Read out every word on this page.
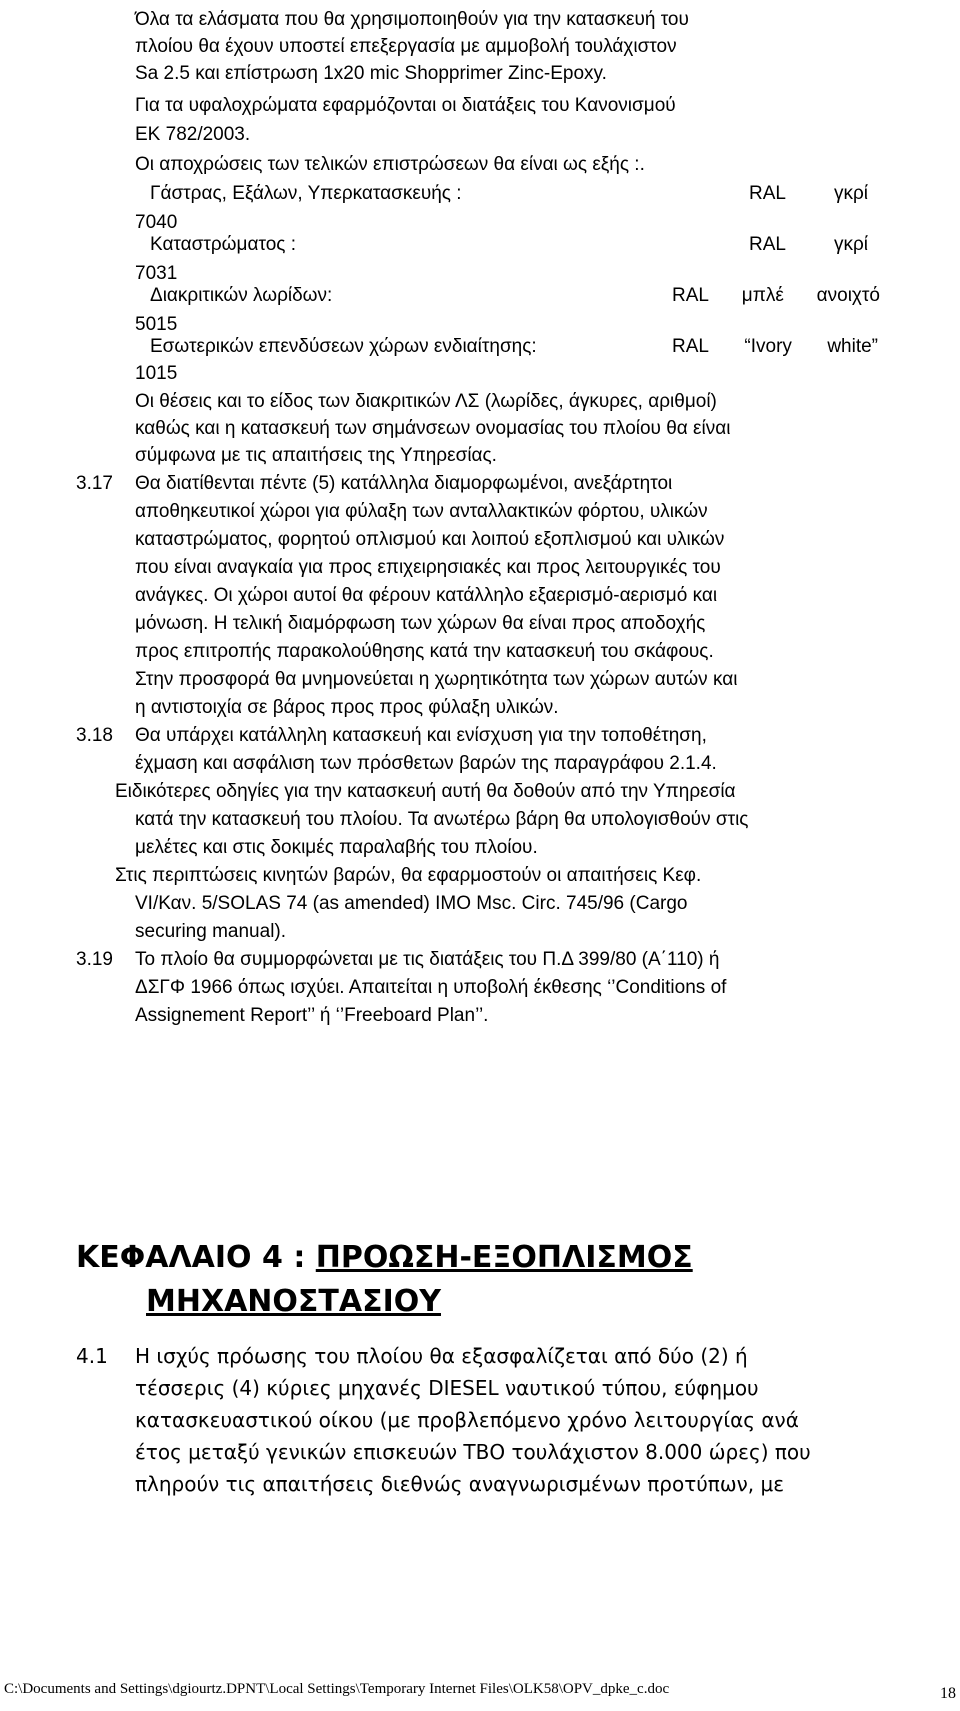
Όλα τα ελάσματα που θα χρησιμοποιηθούν για την κατασκευή του
πλοίου θα έχουν υποστεί επεξεργασία με αμμοβολή τουλάχιστον
Sa 2.5 και επίστρωση 1x20 mic Shopprimer Zinc-Epoxy.
Για τα υφαλοχρώματα εφαρμόζονται οι διατάξεις του Κανονισμού
ΕΚ 782/2003.
Οι αποχρώσεις των τελικών επιστρώσεων θα είναι ως εξής :.
Γάστρας, Εξάλων, Υπερκατασκευής :	RAL	γκρί
7040
Καταστρώματος :	RAL	γκρί
7031
Διακριτικών λωρίδων:	RAL μπλέ ανοιχτό
5015
Εσωτερικών επενδύσεων χώρων ενδιαίτησης:	RAL “Ivory white”
1015
Οι θέσεις και το είδος των διακριτικών ΛΣ (λωρίδες, άγκυρες, αριθμοί)
καθώς και η κατασκευή των σημάνσεων ονομασίας του πλοίου θα είναι
σύμφωνα με τις απαιτήσεις της Υπηρεσίας.
3.17 Θα διατίθενται πέντε (5) κατάλληλα διαμορφωμένοι, ανεξάρτητοι
αποθηκευτικοί χώροι για φύλαξη των ανταλλακτικών φόρτου, υλικών
καταστρώματος, φορητού οπλισμού και λοιπού εξοπλισμού και υλικών
που είναι αναγκαία για προς επιχειρησιακές και προς λειτουργικές του
ανάγκες. Οι χώροι αυτοί θα φέρουν κατάλληλο εξαερισμό-αερισμό και
μόνωση. Η τελική διαμόρφωση των χώρων θα είναι προς αποδοχής
προς επιτροπής παρακολούθησης κατά την κατασκευή του σκάφους.
Στην προσφορά θα μνημονεύεται η χωρητικότητα των χώρων αυτών και
η αντιστοιχία σε βάρος προς προς φύλαξη υλικών.
3.18 Θα υπάρχει κατάλληλη κατασκευή και ενίσχυση για την τοποθέτηση,
έχμαση και ασφάλιση των πρόσθετων βαρών της παραγράφου 2.1.4.
Ειδικότερες οδηγίες για την κατασκευή αυτή θα δοθούν από την Υπηρεσία
κατά την κατασκευή του πλοίου. Τα ανωτέρω βάρη θα υπολογισθούν στις
μελέτες και στις δοκιμές παραλαβής του πλοίου.
Στις περιπτώσεις κινητών βαρών, θα εφαρμοστούν οι απαιτήσεις Κεφ.
VI/Καν. 5/SOLAS 74 (as amended) IMO Msc. Circ. 745/96 (Cargo
securing manual).
3.19 Το πλοίο θα συμμορφώνεται με τις διατάξεις του Π.Δ 399/80 (Α΄110) ή
ΔΣΓΦ 1966 όπως ισχύει. Απαιτείται η υποβολή έκθεσης ‘’Conditions of
Assignement Report’’ ή ‘’Freeboard Plan’’.
ΚΕΦΑΛΑΙΟ 4 : ΠΡΟΩΣΗ-ΕΞΟΠΛΙΣΜΟΣ
ΜΗΧΑΝΟΣΤΑΣΙΟΥ
4.1 Η ισχύς πρόωσης του πλοίου θα εξασφαλίζεται από δύο (2) ή
τέσσερις (4) κύριες μηχανές DIESEL ναυτικού τύπου, εύφημου
κατασκευαστικού οίκου (με προβλεπόμενο χρόνο λειτουργίας ανά
έτος μεταξύ γενικών επισκευών ΤΒΟ τουλάχιστον 8.000 ώρες) που
πληρούν τις απαιτήσεις διεθνώς αναγνωρισμένων προτύπων, με
C:\Documents and Settings\dgiourtz.DPNT\Local Settings\Temporary Internet Files\OLK58\OPV_dpke_c.doc	18
